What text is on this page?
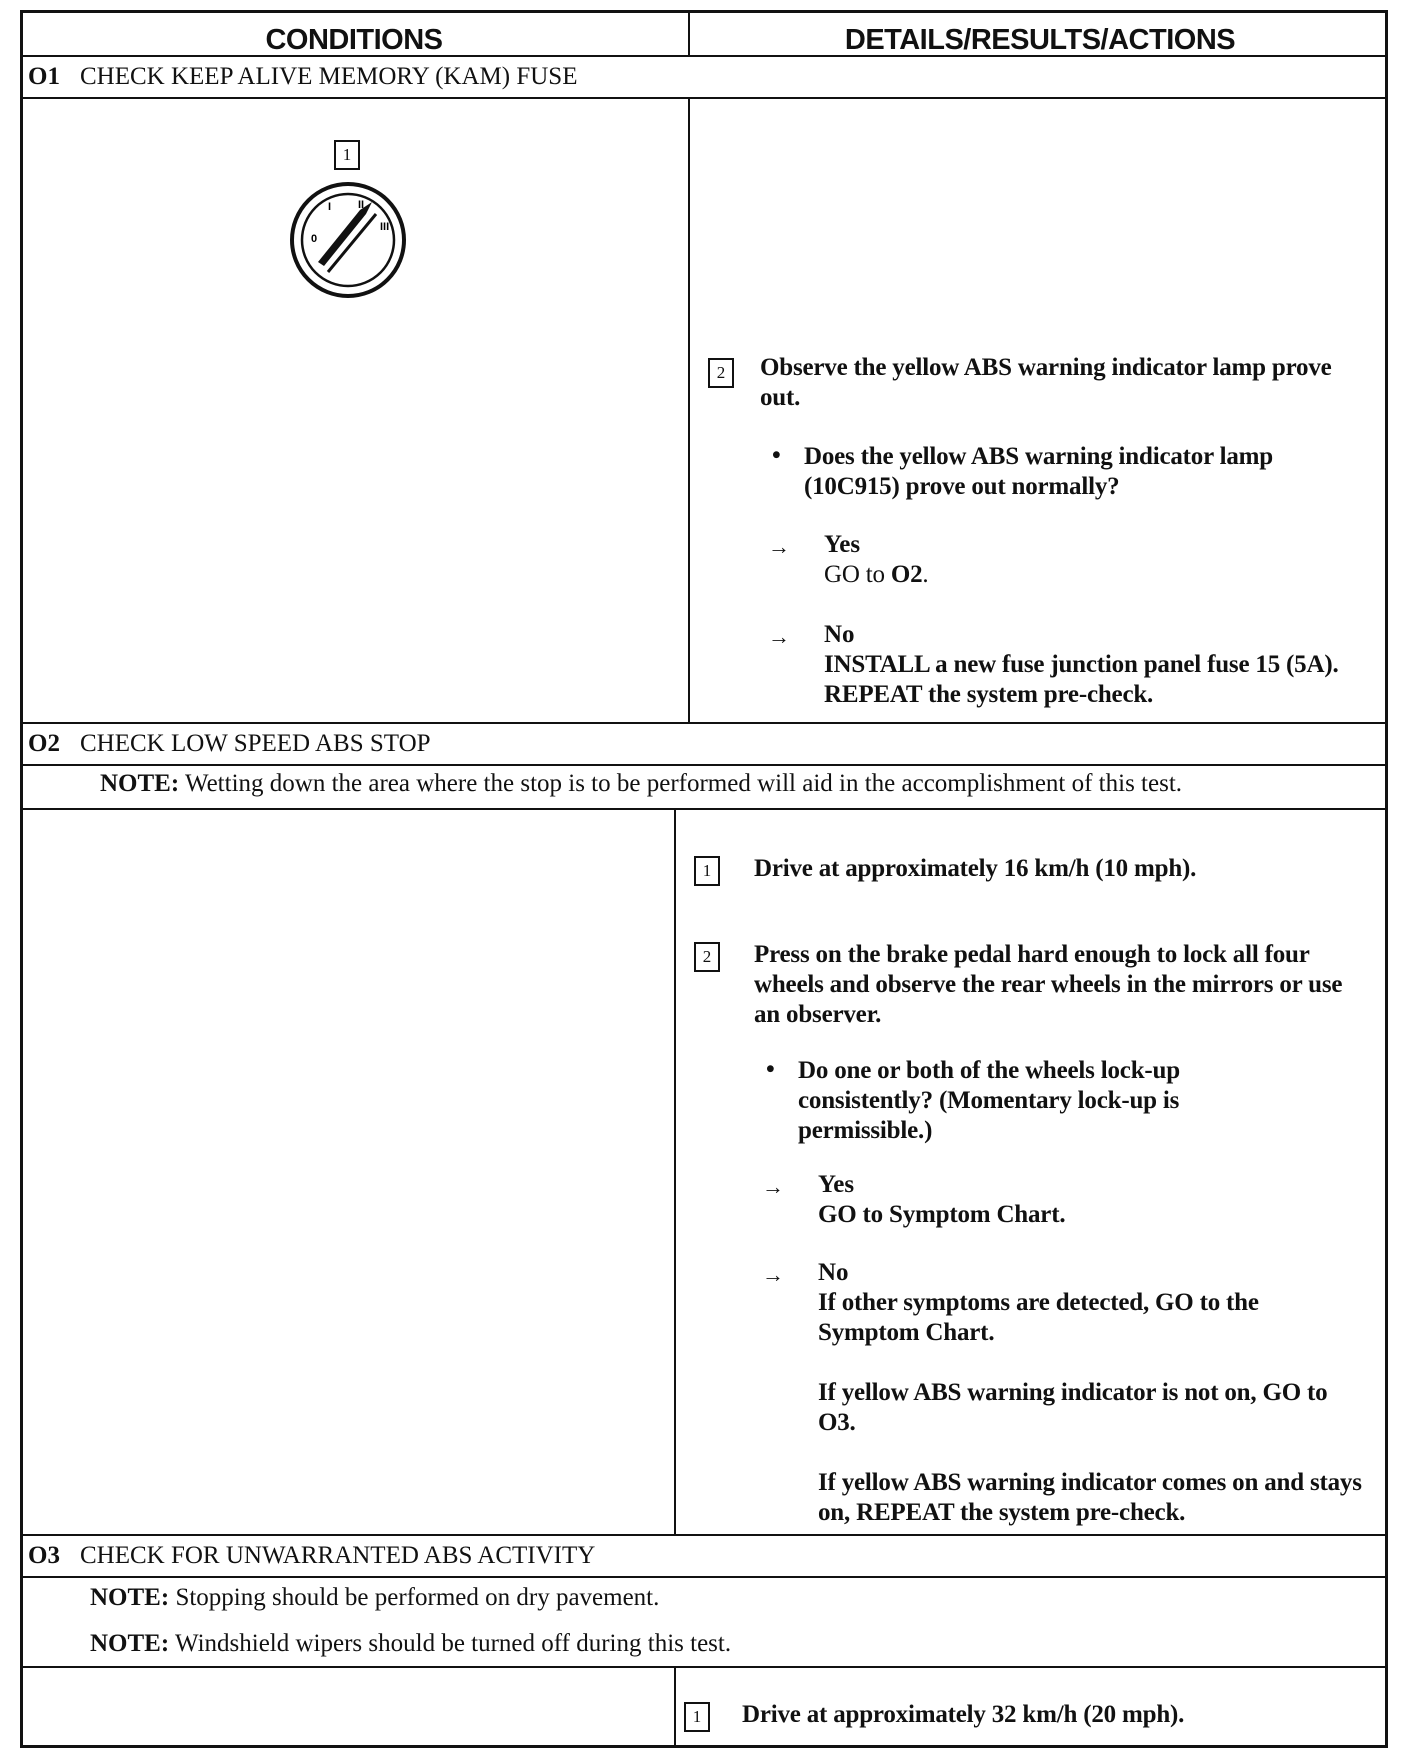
CONDITIONS	DETAILS/RESULTS/ACTIONS
O1 CHECK KEEP ALIVE MEMORY (KAM) FUSE
1
0
I II
III
2	Observe the yellow ABS warning indicator lamp prove out.
• Does the yellow ABS warning indicator lamp (10C915) prove out normally?
→ Yes
GO to O2.
→ No
INSTALL a new fuse junction panel fuse 15 (5A). REPEAT the system pre-check.
O2 CHECK LOW SPEED ABS STOP
NOTE: Wetting down the area where the stop is to be performed will aid in the accomplishment of this test.
1	Drive at approximately 16 km/h (10 mph).
2	Press on the brake pedal hard enough to lock all four wheels and observe the rear wheels in the mirrors or use an observer.
• Do one or both of the wheels lock-up consistently? (Momentary lock-up is permissible.)
→ Yes
GO to Symptom Chart.
→ No
If other symptoms are detected, GO to the Symptom Chart.
If yellow ABS warning indicator is not on, GO to O3.
If yellow ABS warning indicator comes on and stays on, REPEAT the system pre-check.
O3 CHECK FOR UNWARRANTED ABS ACTIVITY
NOTE: Stopping should be performed on dry pavement.
NOTE: Windshield wipers should be turned off during this test.
1	Drive at approximately 32 km/h (20 mph).
